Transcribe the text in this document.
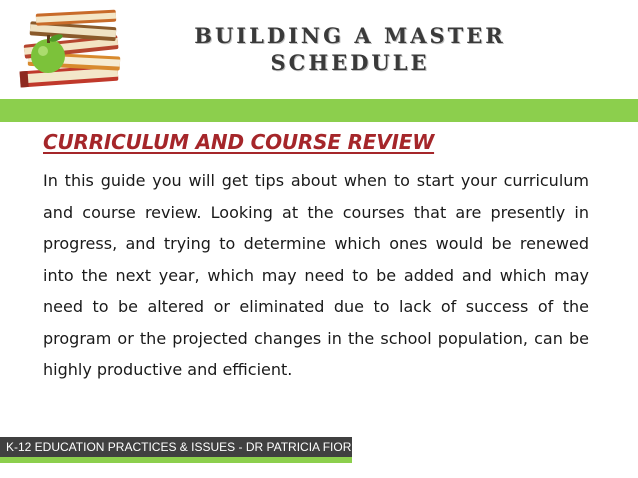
BUILDING A MASTER
SCHEDULE
CURRICULUM AND COURSE REVIEW

In this guide you will get tips about when to start your curriculum and course review. Looking at the courses that are presently in progress, and trying to determine which ones would be renewed into the next year, which may need to be added and which may need to be altered or eliminated due to lack of success of the program or the projected changes in the school population, can be highly productive and efficient.

K-12 EDUCATION PRACTICES & ISSUES - DR PATRICIA FIORIELLO
